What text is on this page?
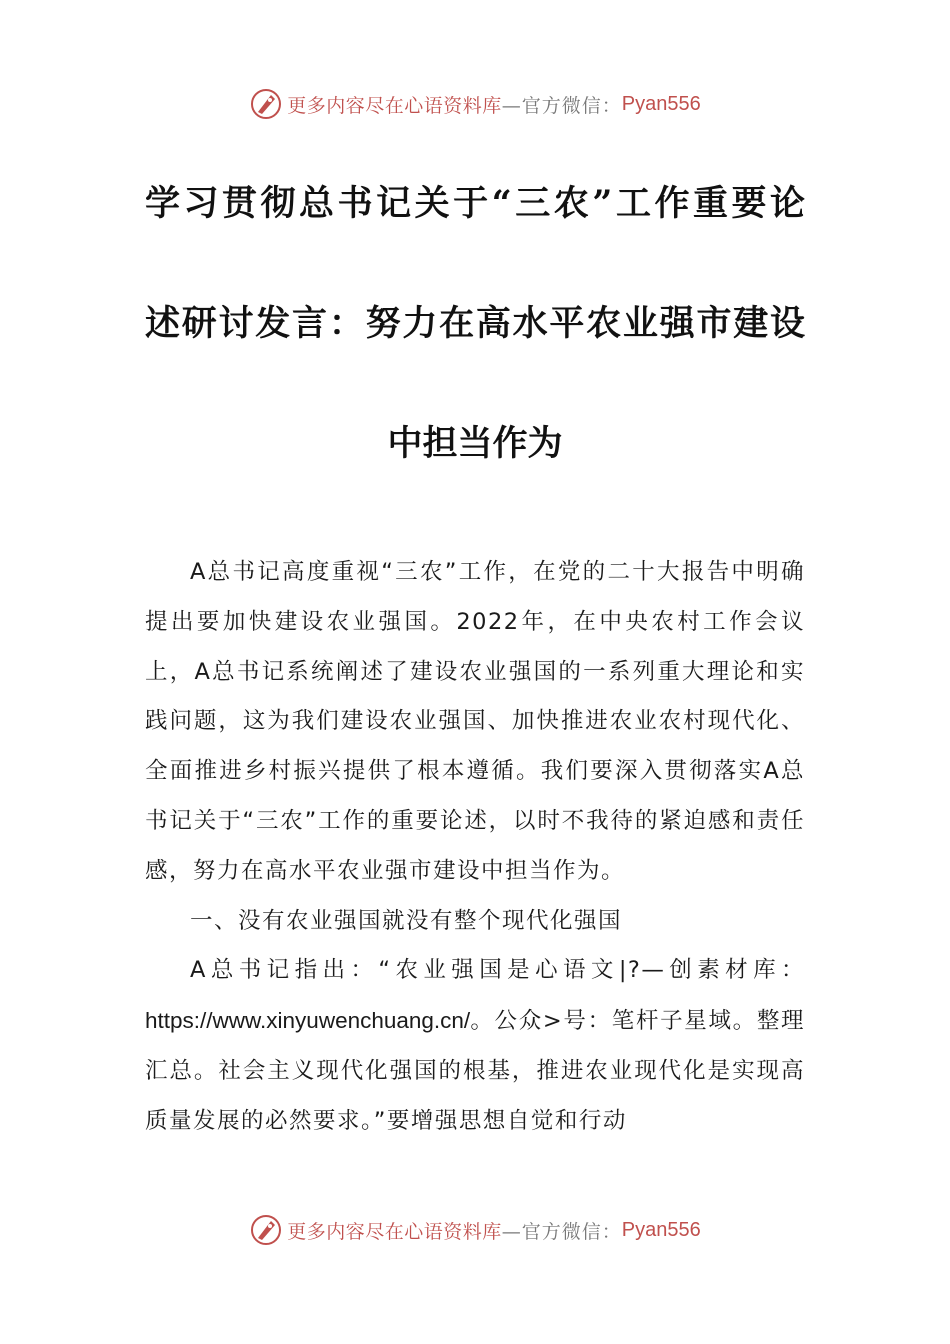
更多内容尽在心语资料库 —官方微信： Pyan556
学习贯彻总书记关于“三农”工作重要论
述研讨发言：努力在高水平农业强市建设
中担当作为

A总书记高度重视“三农”工作，在党的二十大报告中明确提出要加快建设农业强国。2022年，在中央农村工作会议上，A总书记系统阐述了建设农业强国的一系列重大理论和实践问题，这为我们建设农业强国、加快推进农业农村现代化、全面推进乡村振兴提供了根本遵循。我们要深入贯彻落实A总书记关于“三农”工作的重要论述，以时不我待的紧迫感和责任感，努力在高水平农业强市建设中担当作为。

一、没有农业强国就没有整个现代化强国

A总书记指出：“农业强国是心语文|?—创素材库：https://www.xinyuwenchuang.cn/。公众>号：笔杆子星域。整理汇总。社会主义现代化强国的根基，推进农业现代化是实现高质量发展的必然要求。”要增强思想自觉和行动

更多内容尽在心语资料库 —官方微信： Pyan556
